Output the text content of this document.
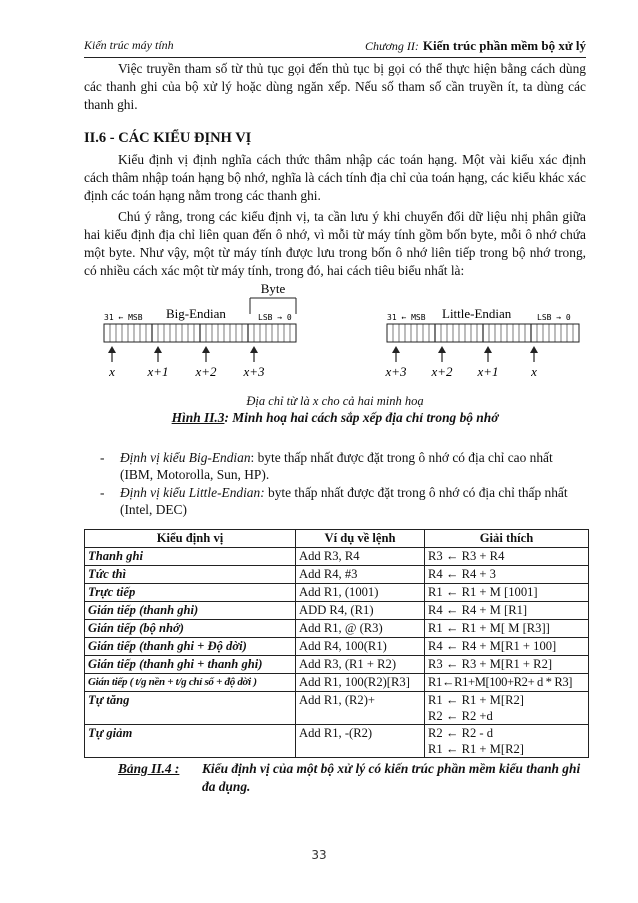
Kiến trúc máy tính	Chương II: Kiến trúc phần mềm bộ xử lý

Việc truyền tham số từ thủ tục gọi đến thủ tục bị gọi có thể thực hiện bằng cách dùng các thanh ghi của bộ xử lý hoặc dùng ngăn xếp. Nếu số tham số cần truyền ít, ta dùng các thanh ghi.

II.6 - CÁC KIỂU ĐỊNH VỊ

Kiểu định vị định nghĩa cách thức thâm nhập các toán hạng. Một vài kiểu xác định cách thâm nhập toán hạng bộ nhớ, nghĩa là cách tính địa chỉ của toán hạng, các kiểu khác xác định các toán hạng nằm trong các thanh ghi.

Chú ý rằng, trong các kiểu định vị, ta cần lưu ý khi chuyển đổi dữ liệu nhị phân giữa hai kiểu định địa chỉ liên quan đến ô nhớ, vì mỗi từ máy tính gồm bốn byte, mỗi ô nhớ chứa một byte. Như vậy, một từ máy tính được lưu trong bốn ô nhớ liên tiếp trong bộ nhớ trong, có nhiều cách xác một từ máy tính, trong đó, hai cách tiêu biểu nhất là:

Byte
31 ← MSB Big-Endian	LSB → 0
x	x+1 x+2 x+3
31 ← MSB Little-Endian	LSB → 0
x+3 x+2 x+1	x
Địa chỉ từ là x cho cả hai minh hoạ
Hình II.3: Minh hoạ hai cách sắp xếp địa chỉ trong bộ nhớ
- Định vị kiểu Big-Endian: byte thấp nhất được đặt trong ô nhớ có địa chỉ cao nhất (IBM, Motorolla, Sun, HP).
- Định vị kiểu Little-Endian: byte thấp nhất được đặt trong ô nhớ có địa chỉ thấp nhất (Intel, DEC)
Kiểu định vị	Ví dụ về lệnh	Giải thích
Thanh ghi	Add R3, R4	R3 ← R3 + R4

Tức thì	Add R4, #3	R4 ← R4 + 3

Trực tiếp	Add R1, (1001)	R1 ← R1 + M [1001]

Gián tiếp (thanh ghi)	ADD R4, (R1)	R4 ← R4 + M [R1]

Gián tiếp (bộ nhớ)	Add R1, @ (R3)	R1 ← R1 + M[ M [R3]]

Gián tiếp (thanh ghi + Độ dời)	Add R4, 100(R1)	R4 ← R4 + M[R1 + 100]

Gián tiếp (thanh ghi + thanh ghi)	Add R3, (R1 + R2)	R3 ← R3 + M[R1 + R2]

Gián tiếp ( t/g nền + t/g chỉ số + độ dời )	Add R1, 100(R2)[R3]	R1←R1+M[100+R2+ d * R3]

Tự tăng	Add R1, (R2)+	R1 ← R1 + M[R2]
R2 ← R2 +d

Tự giảm	Add R1, -(R2)	R2 ← R2 - d
R1 ← R1 + M[R2]
Bảng II.4 : Kiểu định vị của một bộ xử lý có kiến trúc phần mềm kiểu thanh ghi đa dụng.
33
